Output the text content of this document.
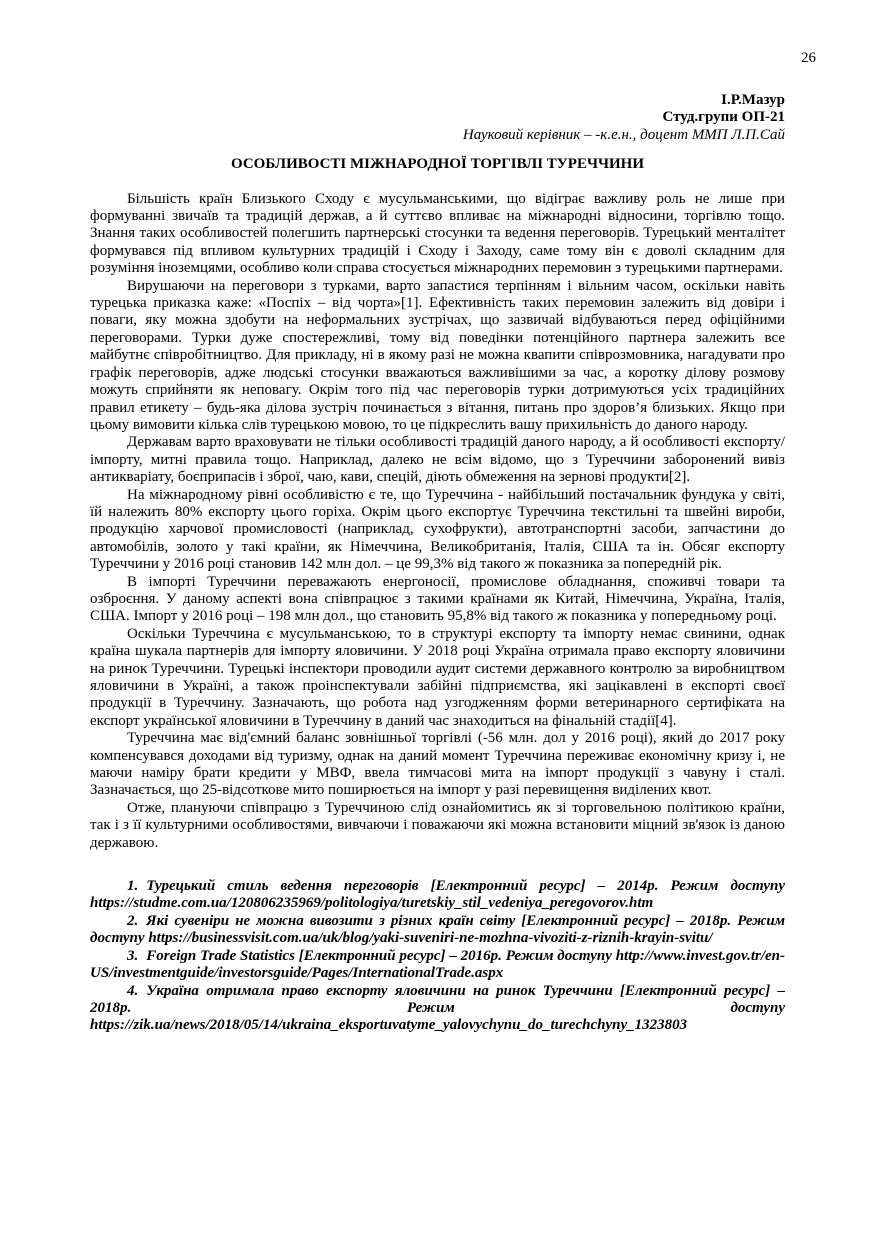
26
І.Р.Мазур
Студ.групи ОП-21
Науковий керівник – -к.е.н., доцент ММП Л.П.Сай
ОСОБЛИВОСТІ МІЖНАРОДНОЇ ТОРГІВЛІ ТУРЕЧЧИНИ

Більшість країн Близького Сходу є мусульманськими, що відіграє важливу роль не лише при формуванні звичаїв та традицій держав, а й суттєво впливає на міжнародні відносини, торгівлю тощо. Знання таких особливостей полегшить партнерські стосунки та ведення переговорів. Турецький менталітет формувався під впливом культурних традицій і Сходу і Заходу, саме тому він є доволі складним для розуміння іноземцями, особливо коли справа стосується міжнародних перемовин з турецькими партнерами.

Вирушаючи на переговори з турками, варто запастися терпінням і вільним часом, оскільки навіть турецька приказка каже: «Поспіх – від чорта»[1]. Ефективність таких перемовин залежить від довіри і поваги, яку можна здобути на неформальних зустрічах, що зазвичай відбуваються перед офіційними переговорами. Турки дуже спостережливі, тому від поведінки потенційного партнера залежить все майбутнє співробітництво. Для прикладу, ні в якому разі не можна квапити співрозмовника, нагадувати про графік переговорів, адже людські стосунки вважаються важливішими за час, а коротку ділову розмову можуть сприйняти як неповагу. Окрім того під час переговорів турки дотримуються усіх традиційних правил етикету – будь-яка ділова зустріч починається з вітання, питань про здоров’я близьких. Якщо при цьому вимовити кілька слів турецькою мовою, то це підкреслить вашу прихильність до даного народу.

Державам варто враховувати не тільки особливості традицій даного народу, а й особливості експорту/імпорту, митні правила тощо. Наприклад, далеко не всім відомо, що з Туреччини заборонений вивіз антикваріату, боєприпасів і зброї, чаю, кави, спецій, діють обмеження на зернові продукти[2].

На міжнародному рівні особливістю є те, що Туреччина - найбільший постачальник фундука у світі, їй належить 80% експорту цього горіха. Окрім цього експортує Туреччина текстильні та швейні вироби, продукцію харчової промисловості (наприклад, сухофрукти), автотранспортні засоби, запчастини до автомобілів, золото у такі країни, як Німеччина, Великобританія, Італія, США та ін. Обсяг експорту Туреччини у 2016 році становив 142 млн дол. – це 99,3% від такого ж показника за попередній рік.

В імпорті Туреччини переважають енергоносії, промислове обладнання, споживчі товари та озброєння. У даному аспекті вона співпрацює з такими країнами як Китай, Німеччина, Україна, Італія, США. Імпорт у 2016 році – 198 млн дол., що становить 95,8% від такого ж показника у попередньому році.

Оскільки Туреччина є мусульманською, то в структурі експорту та імпорту немає свинини, однак країна шукала партнерів для імпорту яловичини. У 2018 році Україна отримала право експорту яловичини на ринок Туреччини. Турецькі інспектори проводили аудит системи державного контролю за виробництвом яловичини в Україні, а також проінспектували забійні підприємства, які зацікавлені в експорті своєї продукції в Туреччину. Зазначають, що робота над узгодженням форми ветеринарного сертифіката на експорт української яловичини в Туреччину в даний час знаходиться на фінальній стадії[4].

Туреччина має від'ємний баланс зовнішньої торгівлі (-56 млн. дол у 2016 році), який до 2017 року компенсувався доходами від туризму, однак на даний момент Туреччина переживає економічну кризу і, не маючи наміру брати кредити у МВФ, ввела тимчасові мита на імпорт продукції з чавуну і сталі. Зазначається, що 25-відсоткове мито поширюється на імпорт у разі перевищення виділених квот.

Отже, плануючи співпрацю з Туреччиною слід ознайомитись як зі торговельною політикою країни, так і з її культурними особливостями, вивчаючи і поважаючи які можна встановити міцний зв'язок із даною державою.

1. Турецький стиль ведення переговорів [Електронний ресурс] – 2014р. Режим доступу https://studme.com.ua/120806235969/politologiya/turetskiy_stil_vedeniya_peregovorov.htm

2. Які сувеніри не можна вивозити з різних країн світу [Електронний ресурс] – 2018р. Режим доступу https://businessvisit.com.ua/uk/blog/yaki-suveniri-ne-mozhna-vivoziti-z-riznih-krayin-svitu/

3. Foreign Trade Statistics [Електронний ресурс] – 2016р. Режим доступу http://www.invest.gov.tr/en-US/investmentguide/investorsguide/Pages/InternationalTrade.aspx

4. Україна отримала право експорту яловичини на ринок Туреччини [Електронний ресурс] – 2018р. Режим доступу https://zik.ua/news/2018/05/14/ukraina_eksportuvatyme_yalovychynu_do_turechchyny_1323803
